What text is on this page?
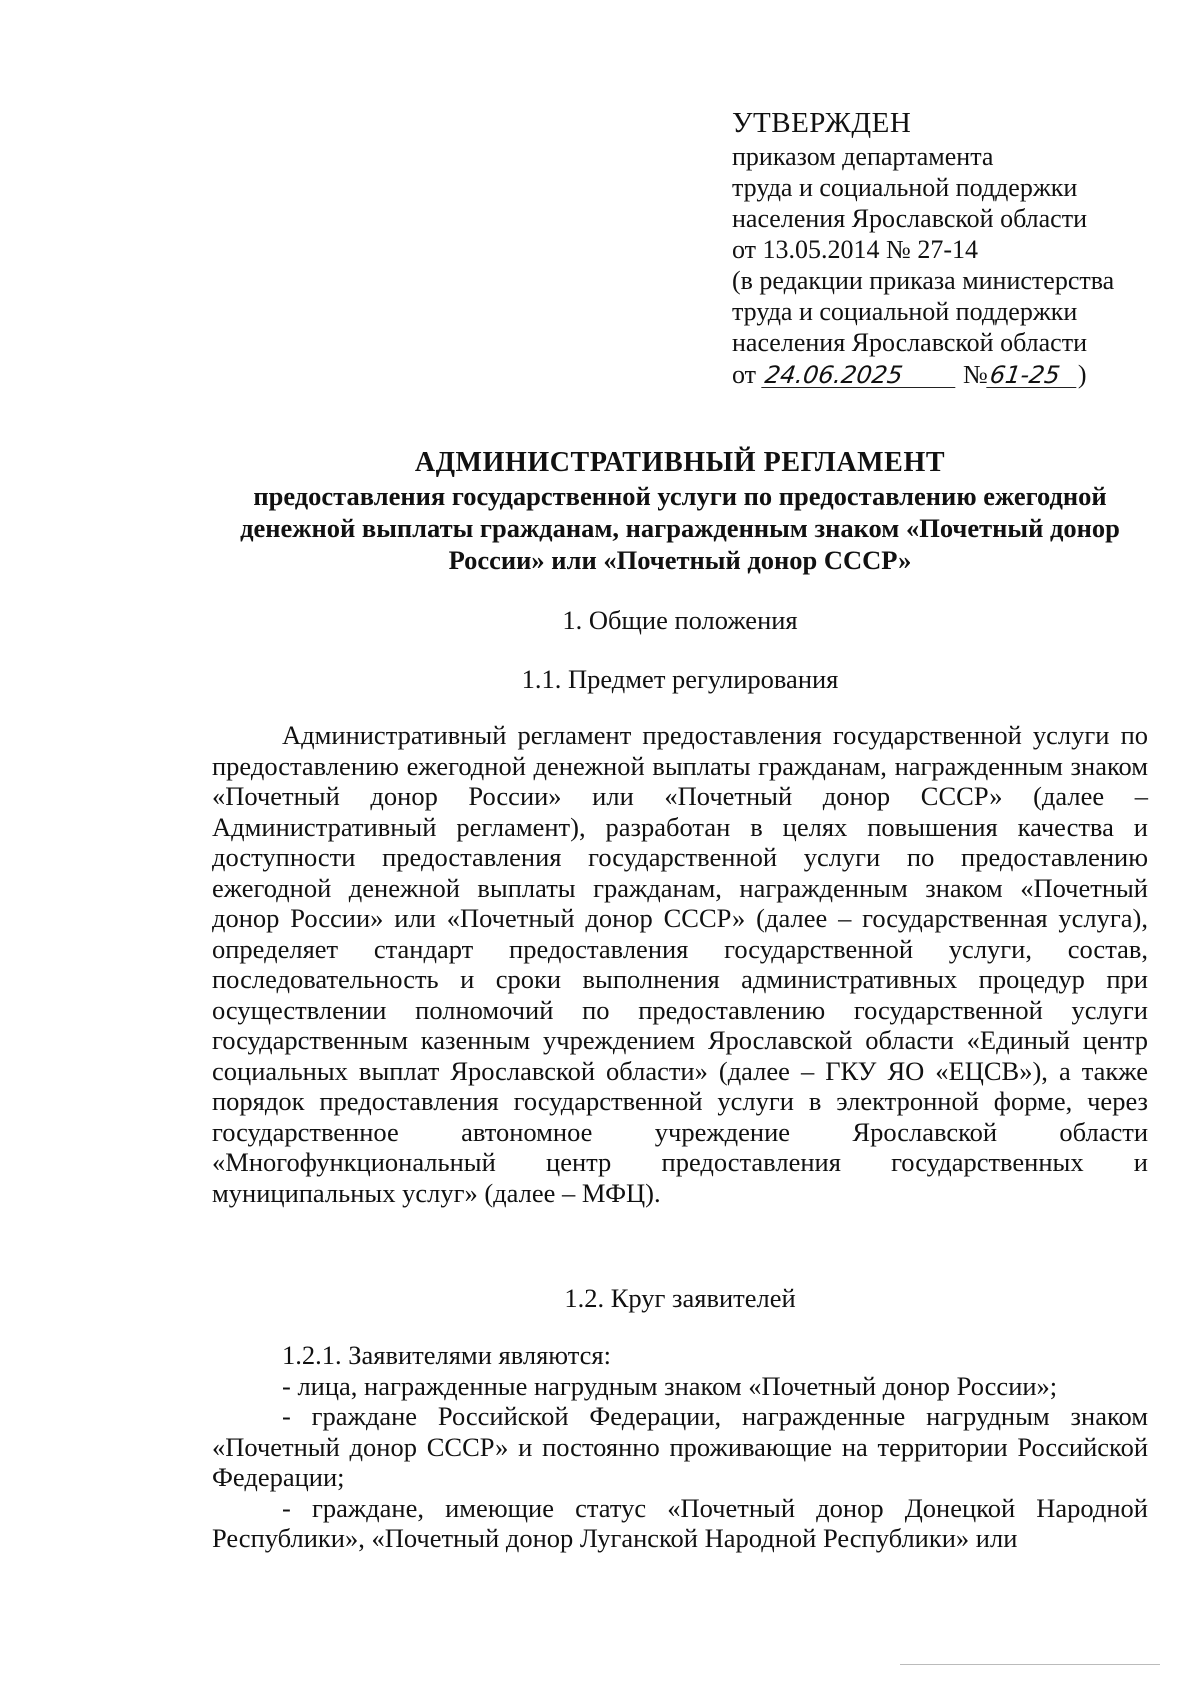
УТВЕРЖДЕН
приказом департамента
труда и социальной поддержки
населения Ярославской области
от 13.05.2014 № 27-14
(в редакции приказа министерства
труда и социальной поддержки
населения Ярославской области
от 24.06.2025 №61-25 )
АДМИНИСТРАТИВНЫЙ РЕГЛАМЕНТ
предоставления государственной услуги по предоставлению ежегодной
денежной выплаты гражданам, награжденным знаком «Почетный донор
России» или «Почетный донор СССР»
1. Общие положения
1.1. Предмет регулирования

Административный регламент предоставления государственной услуги по предоставлению ежегодной денежной выплаты гражданам, награжденным знаком «Почетный донор России» или «Почетный донор СССР» (далее – Административный регламент), разработан в целях повышения качества и доступности предоставления государственной услуги по предоставлению ежегодной денежной выплаты гражданам, награжденным знаком «Почетный донор России» или «Почетный донор СССР» (далее – государственная услуга), определяет стандарт предоставления государственной услуги, состав, последовательность и сроки выполнения административных процедур при осуществлении полномочий по предоставлению государственной услуги государственным казенным учреждением Ярославской области «Единый центр социальных выплат Ярославской области» (далее – ГКУ ЯО «ЕЦСВ»), а также порядок предоставления государственной услуги в электронной форме, через государственное автономное учреждение Ярославской области «Многофункциональный центр предоставления государственных и муниципальных услуг» (далее – МФЦ).

1.2. Круг заявителей

1.2.1. Заявителями являются:

- лица, награжденные нагрудным знаком «Почетный донор России»;

- граждане Российской Федерации, награжденные нагрудным знаком «Почетный донор СССР» и постоянно проживающие на территории Российской Федерации;

- граждане, имеющие статус «Почетный донор Донецкой Народной Республики», «Почетный донор Луганской Народной Республики» или
